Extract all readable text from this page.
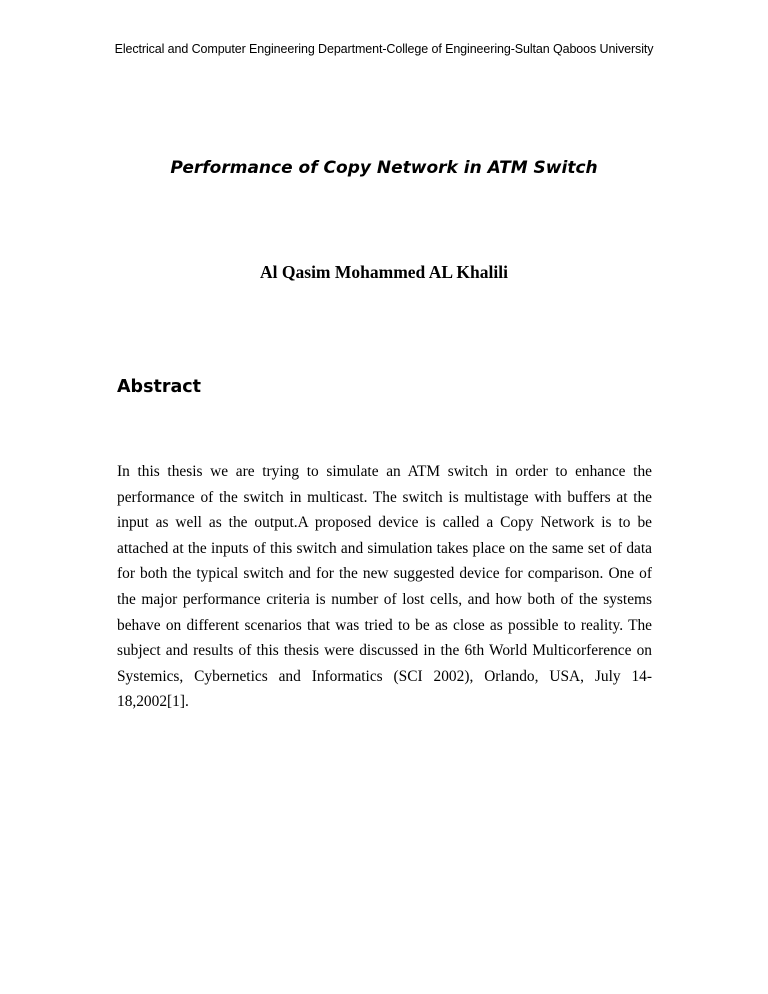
Electrical and Computer Engineering Department-College of Engineering-Sultan Qaboos University
Performance of Copy Network in ATM Switch
Al Qasim Mohammed AL Khalili
Abstract

In this thesis we are trying to simulate an ATM switch in order to enhance the performance of the switch in multicast. The switch is multistage with buffers at the input as well as the output.A proposed device is called a Copy Network is to be attached at the inputs of this switch and simulation takes place on the same set of data for both the typical switch and for the new suggested device for comparison. One of the major performance criteria is number of lost cells, and how both of the systems behave on different scenarios that was tried to be as close as possible to reality. The subject and results of this thesis were discussed in the 6th World Multicorference on Systemics, Cybernetics and Informatics (SCI 2002), Orlando, USA, July 14-18,2002[1].
